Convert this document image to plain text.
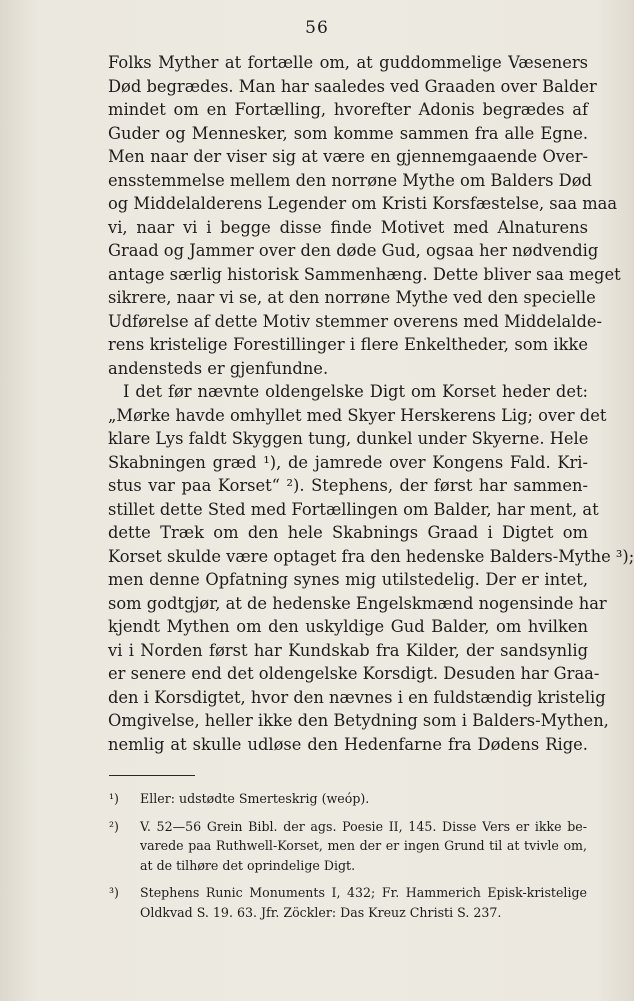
56
Folks Myther at fortælle om, at guddommelige Væseners
Død begrædes. Man har saaledes ved Graaden over Balder
mindet om en Fortælling, hvorefter Adonis begrædes af
Guder og Mennesker, som komme sammen fra alle Egne.
Men naar der viser sig at være en gjennemgaaende Over-
ensstemmelse mellem den norrøne Mythe om Balders Død
og Middelalderens Legender om Kristi Korsfæstelse, saa maa
vi, naar vi i begge disse finde Motivet med Alnaturens
Graad og Jammer over den døde Gud, ogsaa her nødvendig
antage særlig historisk Sammenhæng. Dette bliver saa meget
sikrere, naar vi se, at den norrøne Mythe ved den specielle
Udførelse af dette Motiv stemmer overens med Middelalde-
rens kristelige Forestillinger i flere Enkeltheder, som ikke
andensteds er gjenfundne.
I det før nævnte oldengelske Digt om Korset heder det:
„Mørke havde omhyllet med Skyer Herskerens Lig; over det
klare Lys faldt Skyggen tung, dunkel under Skyerne. Hele
Skabningen græd ¹), de jamrede over Kongens Fald. Kri-
stus var paa Korset“ ²). Stephens, der først har sammen-
stillet dette Sted med Fortællingen om Balder, har ment, at
dette Træk om den hele Skabnings Graad i Digtet om
Korset skulde være optaget fra den hedenske Balders-Mythe ³);
men denne Opfatning synes mig utilstedelig. Der er intet,
som godtgjør, at de hedenske Engelskmænd nogensinde har
kjendt Mythen om den uskyldige Gud Balder, om hvilken
vi i Norden først har Kundskab fra Kilder, der sandsynlig
er senere end det oldengelske Korsdigt. Desuden har Graa-
den i Korsdigtet, hvor den nævnes i en fuldstændig kristelig
Omgivelse, heller ikke den Betydning som i Balders-Mythen,
nemlig at skulle udløse den Hedenfarne fra Dødens Rige.
¹) Eller: udstødte Smerteskrig (weóp).
²) V. 52—56 Grein Bibl. der ags. Poesie II, 145. Disse Vers er ikke be-
varede paa Ruthwell-Korset, men der er ingen Grund til at tvivle om,
at de tilhøre det oprindelige Digt.
³) Stephens Runic Monuments I, 432; Fr. Hammerich Episk-kristelige
Oldkvad S. 19. 63. Jfr. Zöckler: Das Kreuz Christi S. 237.
